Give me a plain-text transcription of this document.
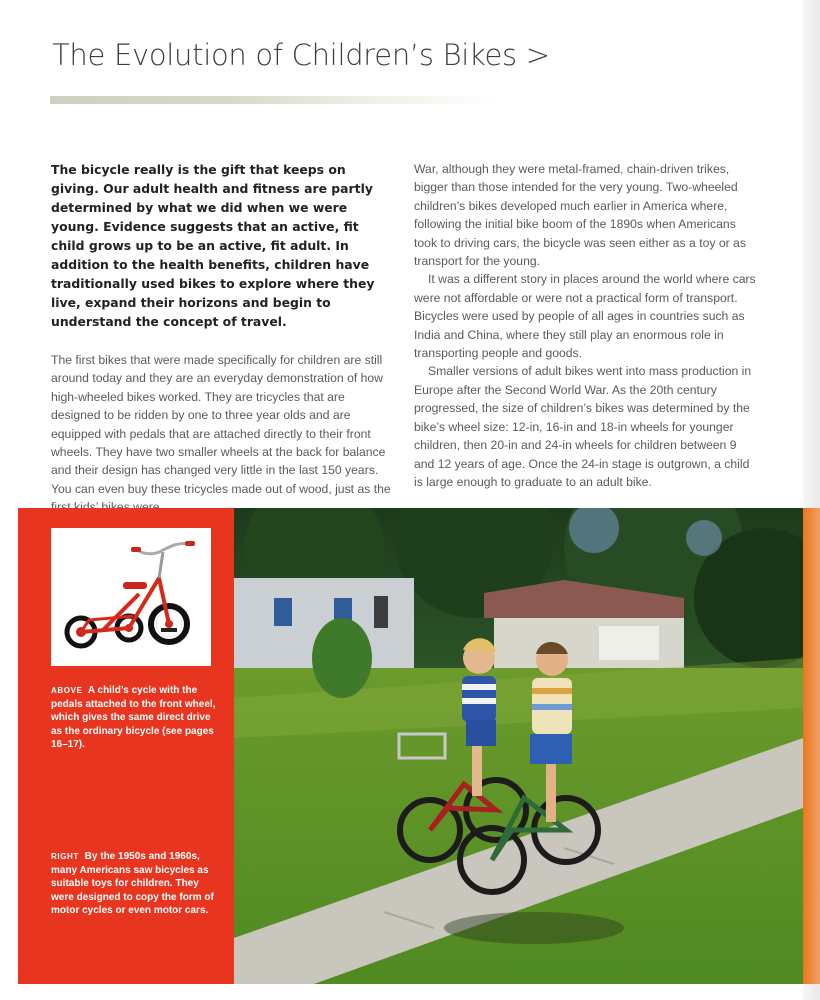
The Evolution of Children’s Bikes >

The bicycle really is the gift that keeps on giving. Our adult health and fitness are partly determined by what we did when we were young. Evidence suggests that an active, fit child grows up to be an active, fit adult. In addition to the health benefits, children have traditionally used bikes to explore where they live, expand their horizons and begin to understand the concept of travel.

The first bikes that were made specifically for children are still around today and they are an everyday demonstration of how high-wheeled bikes worked. They are tricycles that are designed to be ridden by one to three year olds and are equipped with pedals that are attached directly to their front wheels. They have two smaller wheels at the back for balance and their design has changed very little in the last 150 years. You can even buy these tricycles made out of wood, just as the

War, although they were metal-framed, chain-driven trikes, bigger than those intended for the very young. Two-wheeled children’s bikes developed much earlier in America where, following the initial bike boom of the 1890s when Americans took to driving cars, the bicycle was seen either as a toy or as transport for the young.

It was a different story in places around the world where cars were not affordable or were not a practical form of transport. Bicycles were used by people of all ages in countries such as India and China, where they still play an enormous role in transporting people and goods.

Smaller versions of adult bikes went into mass production in Europe after the Second World War. As the 20th century progressed, the size of children’s bikes was determined by the bike’s wheel size: 12-in, 16-in and 18-in wheels for younger children, then 20-in and 24-in wheels for children between 9 and 12 years of age. Once the 24-in stage is outgrown, a child is large enough to graduate to an adult bike.

ABOVE A child’s cycle with the pedals attached to the front wheel, which gives the same direct drive as the ordinary bicycle (see pages 16–17).
RIGHT By the 1950s and 1960s, many Americans saw bicycles as suitable toys for children. They were designed to copy the form of motor cycles or even motor cars.
